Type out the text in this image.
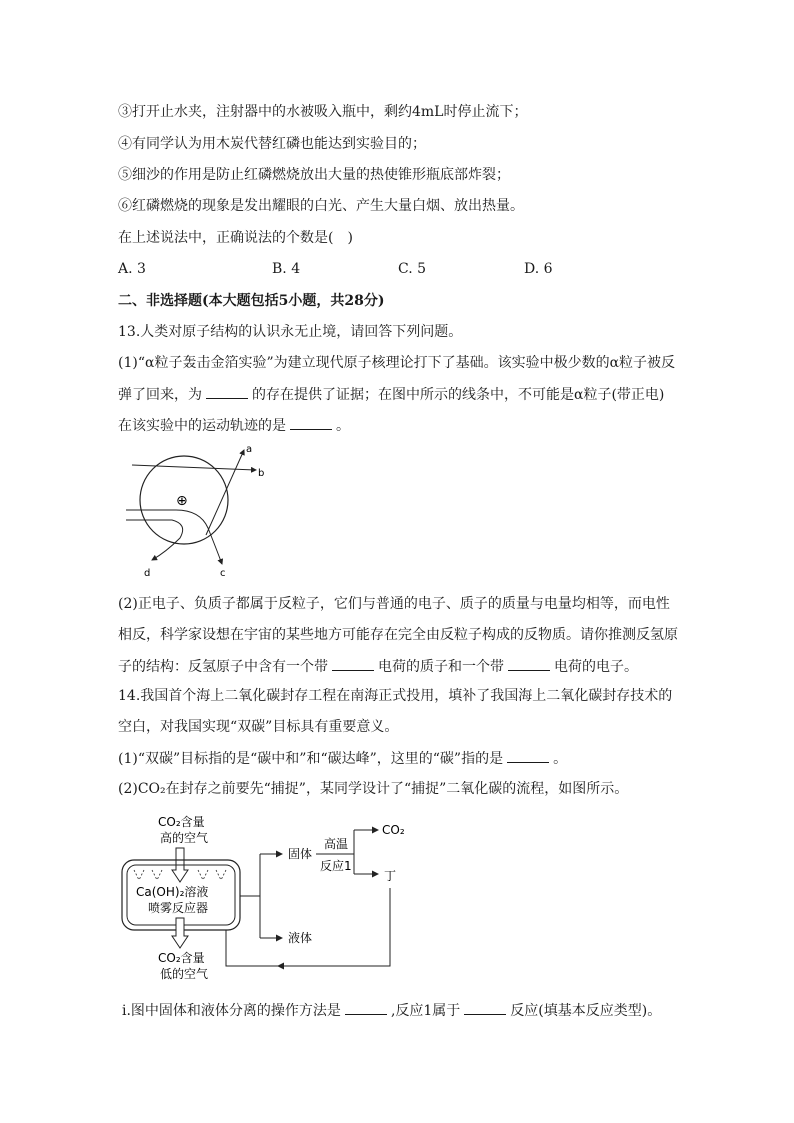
③打开止水夹，注射器中的水被吸入瓶中，剩约4mL时停止流下；
④有同学认为用木炭代替红磷也能达到实验目的；
⑤细沙的作用是防止红磷燃烧放出大量的热使锥形瓶底部炸裂；
⑥红磷燃烧的现象是发出耀眼的白光、产生大量白烟、放出热量。
在上述说法中，正确说法的个数是(　)
A. 3	B. 4	C. 5	D. 6
二、非选择题(本大题包括5小题，共28分)
13.人类对原子结构的认识永无止境，请回答下列问题。
(1)“α粒子轰击金箔实验”为建立现代原子核理论打下了基础。该实验中极少数的α粒子被反
弹了回来，为	的存在提供了证据；在图中所示的线条中，不可能是α粒子(带正电)
在该实验中的运动轨迹的是	。
⊕
a
b
c
d
(2)正电子、负质子都属于反粒子，它们与普通的电子、质子的质量与电量均相等，而电性
相反，科学家设想在宇宙的某些地方可能存在完全由反粒子构成的反物质。请你推测反氢原
子的结构：反氢原子中含有一个带	电荷的质子和一个带	电荷的电子。
14.我国首个海上二氧化碳封存工程在南海正式投用，填补了我国海上二氧化碳封存技术的
空白，对我国实现“双碳”目标具有重要意义。
(1)“双碳”目标指的是“碳中和”和“碳达峰”，这里的“碳”指的是	。
(2)CO₂在封存之前要先“捕捉”，某同学设计了“捕捉”二氧化碳的流程，如图所示。
CO₂含量
高的空气
Ca(OH)₂溶液
喷雾反应器
CO₂含量
低的空气
固体
液体
高温
反应1
CO₂
丁
ⅰ.图中固体和液体分离的操作方法是	,反应1属于	反应(填基本反应类型)。
